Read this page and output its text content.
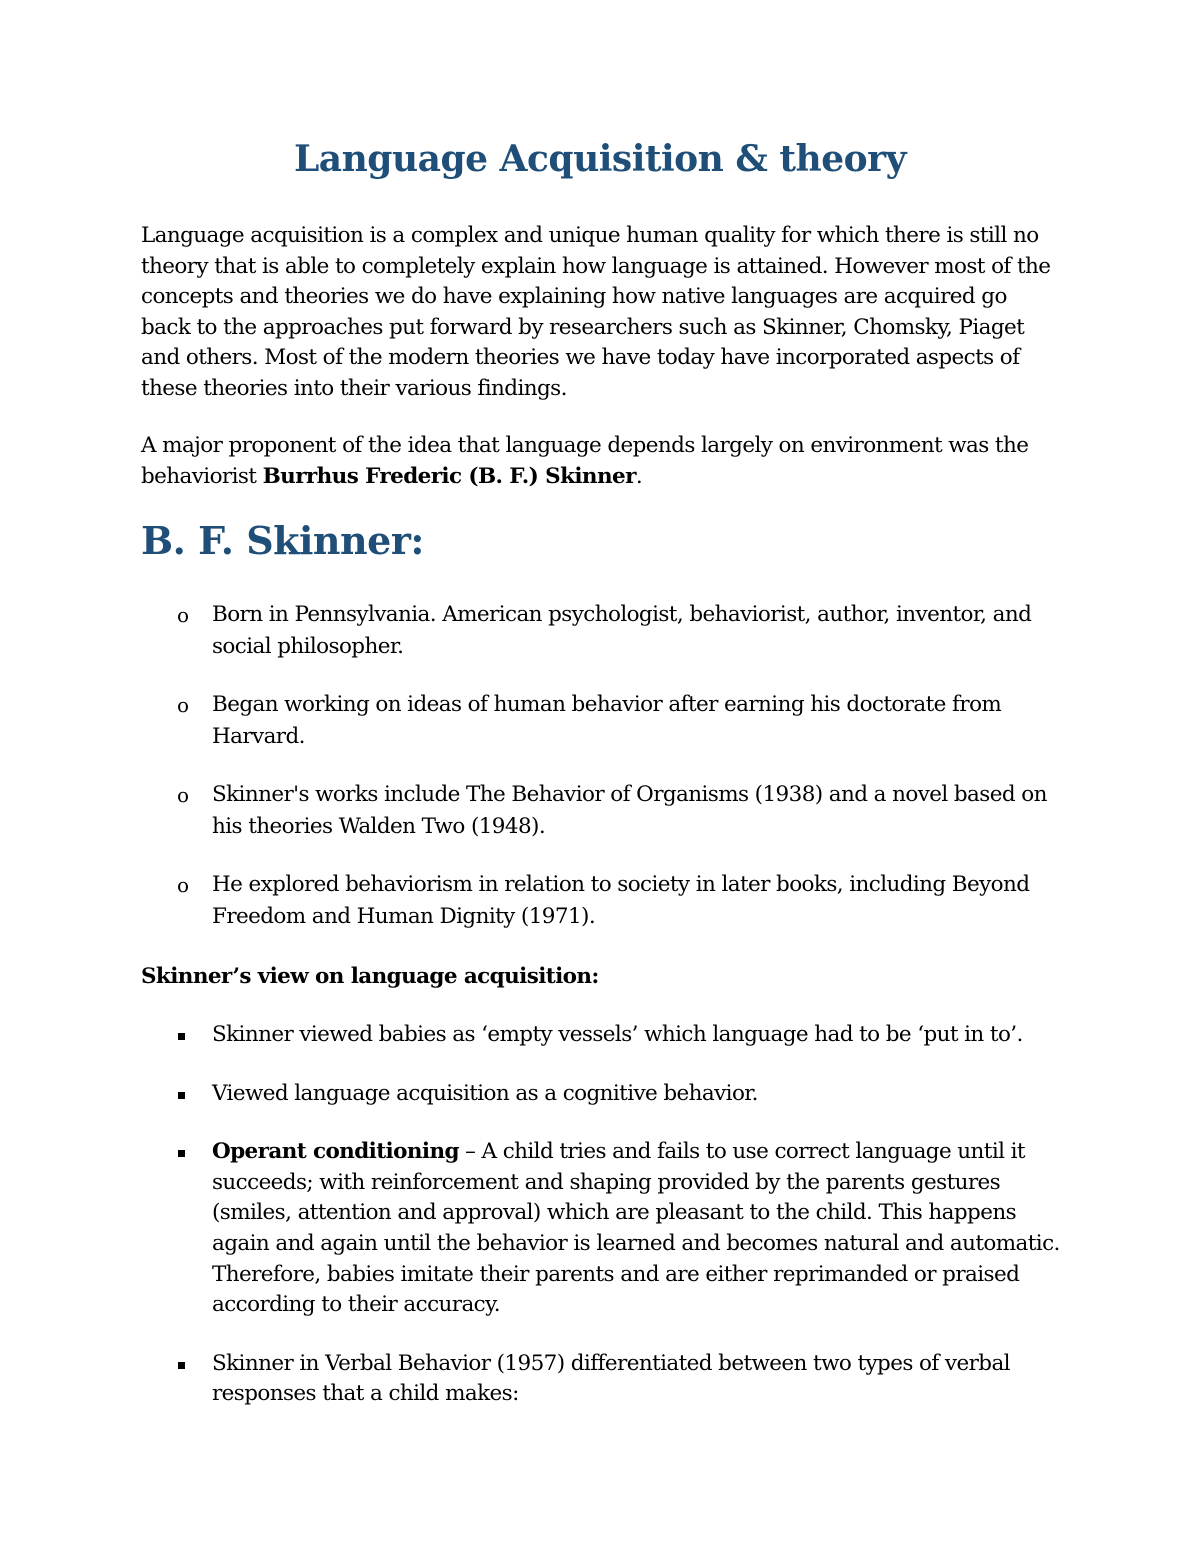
Language Acquisition & theory

Language acquisition is a complex and unique human quality for which there is still no theory that is able to completely explain how language is attained. However most of the concepts and theories we do have explaining how native languages are acquired go back to the approaches put forward by researchers such as Skinner, Chomsky, Piaget and others. Most of the modern theories we have today have incorporated aspects of these theories into their various findings.

A major proponent of the idea that language depends largely on environment was the behaviorist Burrhus Frederic (B. F.) Skinner.

B. F. Skinner:
o	Born in Pennsylvania. American psychologist, behaviorist, author, inventor, and social philosopher.
o	Began working on ideas of human behavior after earning his doctorate from Harvard.
o	Skinner's works include The Behavior of Organisms (1938) and a novel based on his theories Walden Two (1948).
o	He explored behaviorism in relation to society in later books, including Beyond Freedom and Human Dignity (1971).

Skinner’s view on language acquisition:

Skinner viewed babies as ‘empty vessels’ which language had to be ‘put in to’.
Viewed language acquisition as a cognitive behavior.
Operant conditioning – A child tries and fails to use correct language until it succeeds; with reinforcement and shaping provided by the parents gestures (smiles, attention and approval) which are pleasant to the child. This happens again and again until the behavior is learned and becomes natural and automatic. Therefore, babies imitate their parents and are either reprimanded or praised according to their accuracy.
Skinner in Verbal Behavior (1957) differentiated between two types of verbal responses that a child makes:
